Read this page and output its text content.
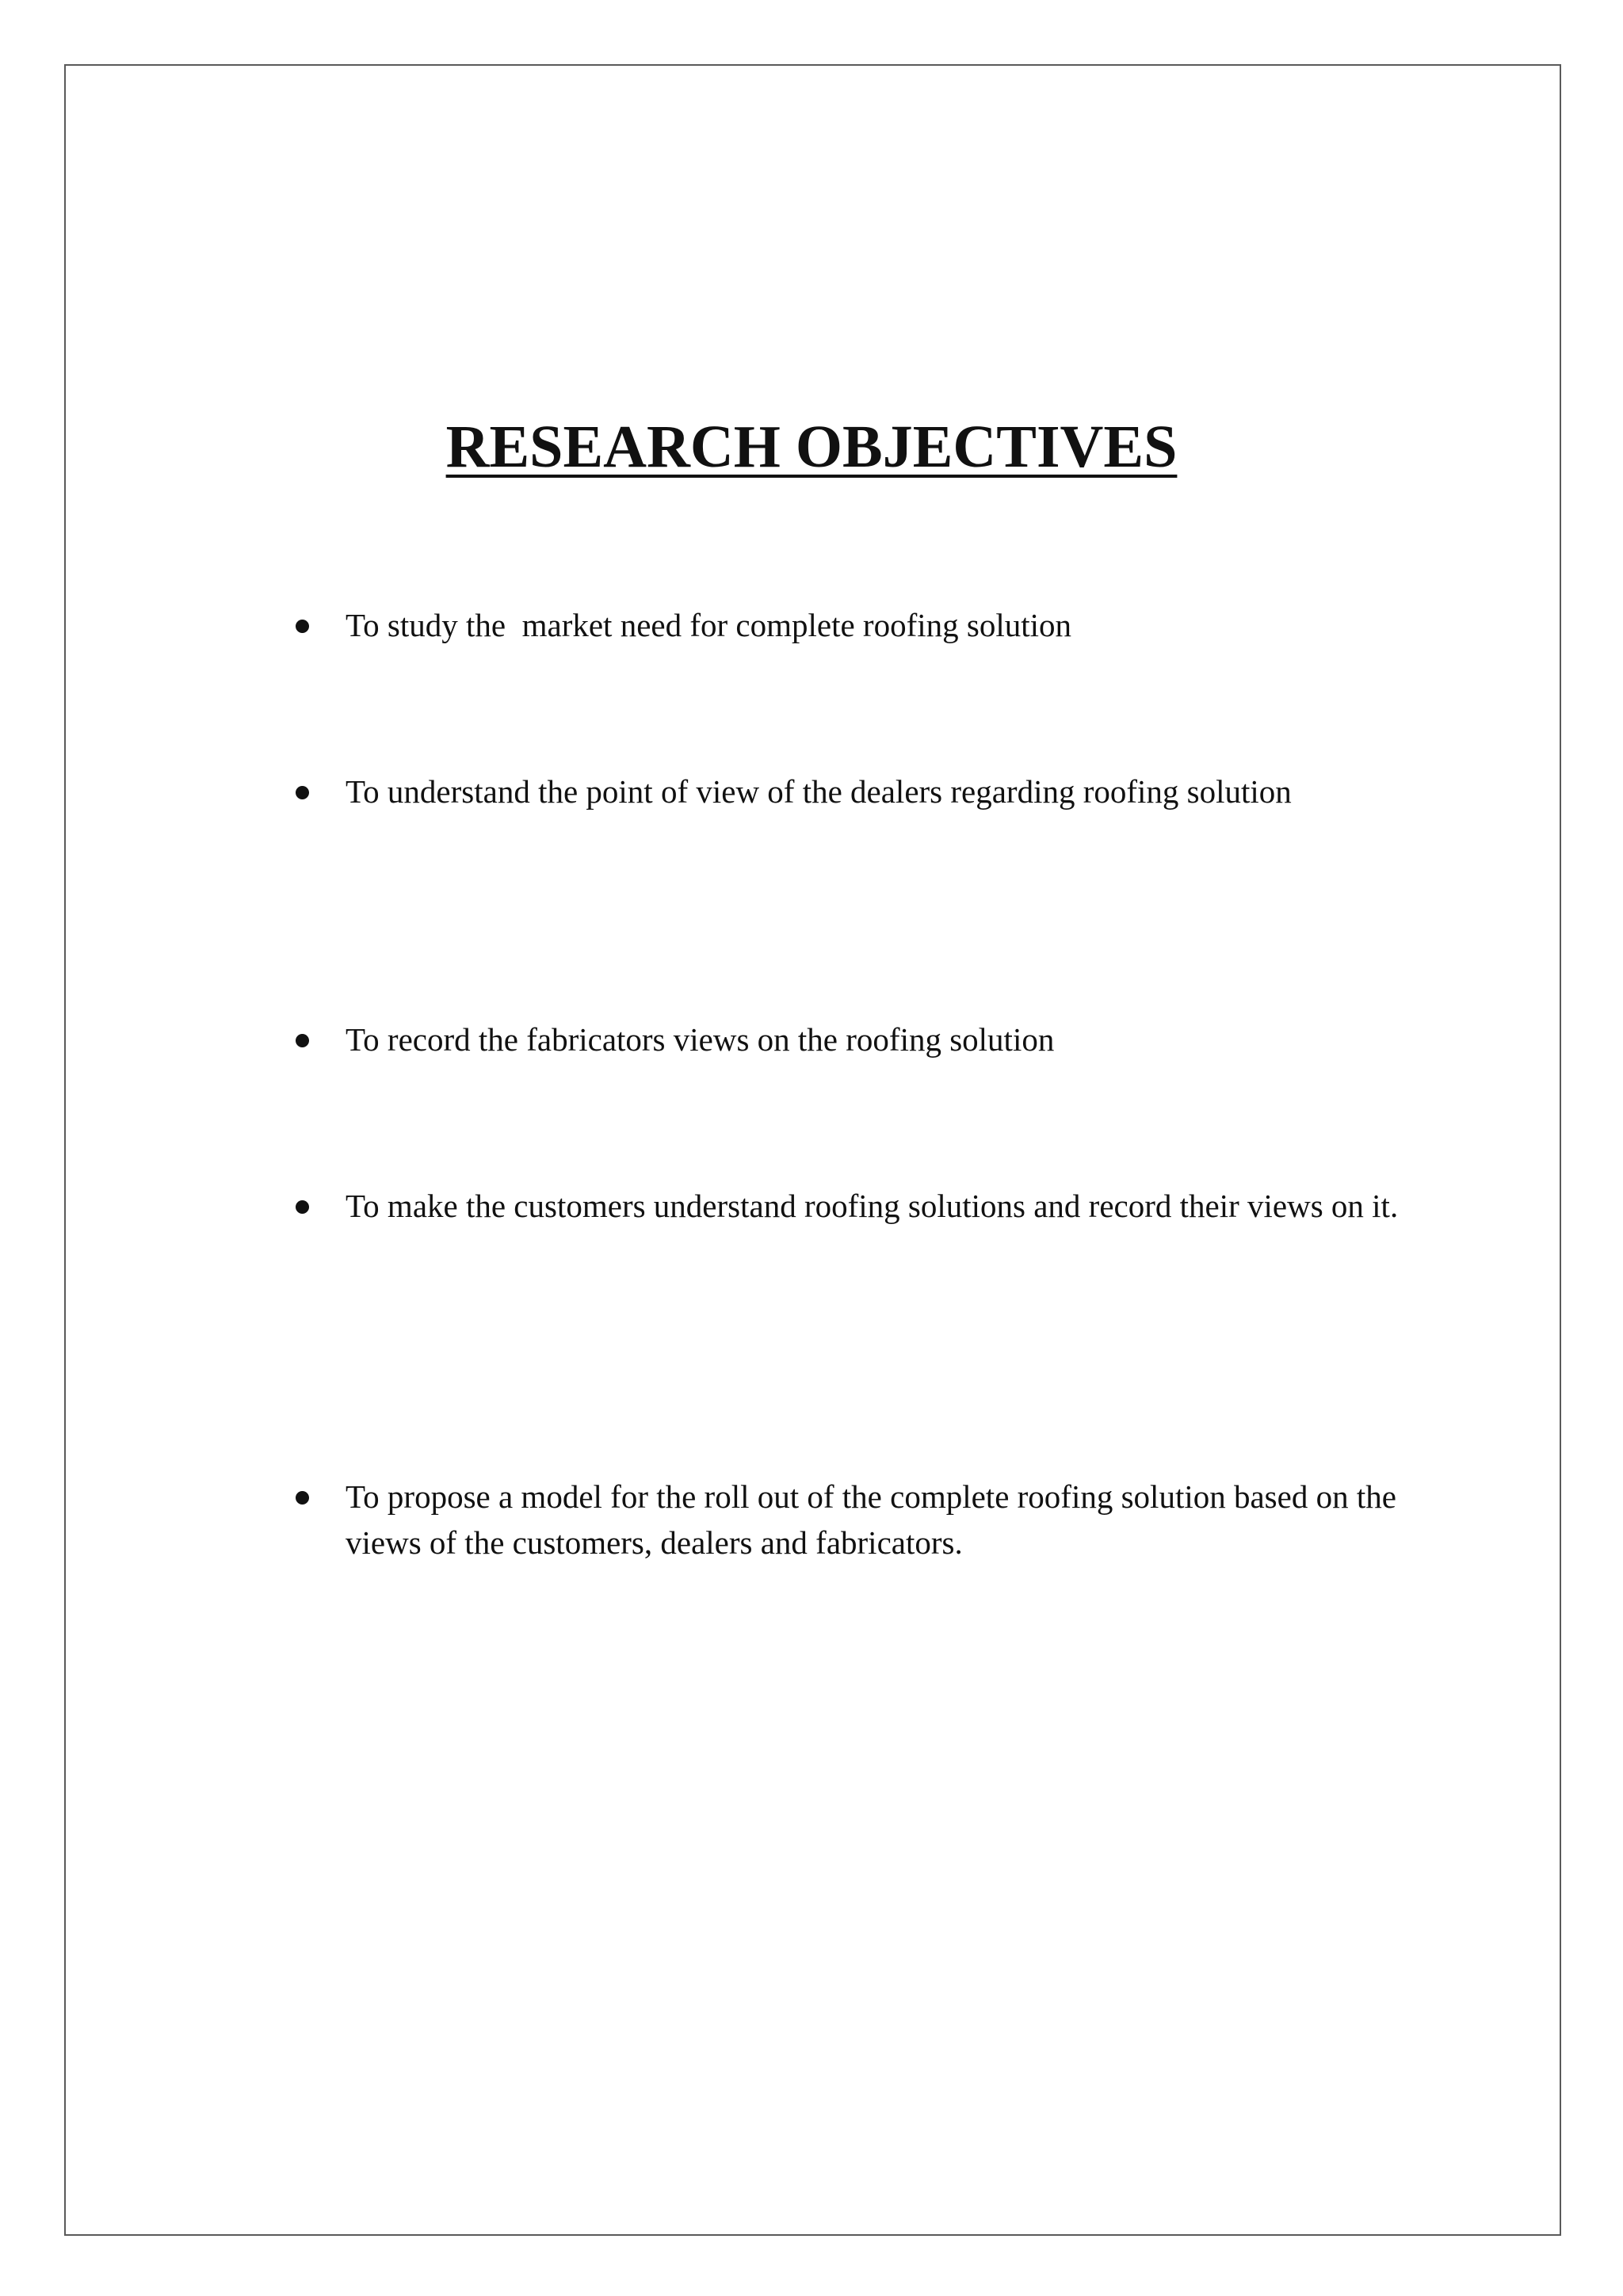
RESEARCH OBJECTIVES

To study the  market need for complete roofing solution

To understand the point of view of the dealers regarding roofing solution

To record the fabricators views on the roofing solution

To make the customers understand roofing solutions and record their views on it.

To propose a model for the roll out of the complete roofing solution based on the views of the customers, dealers and fabricators.
